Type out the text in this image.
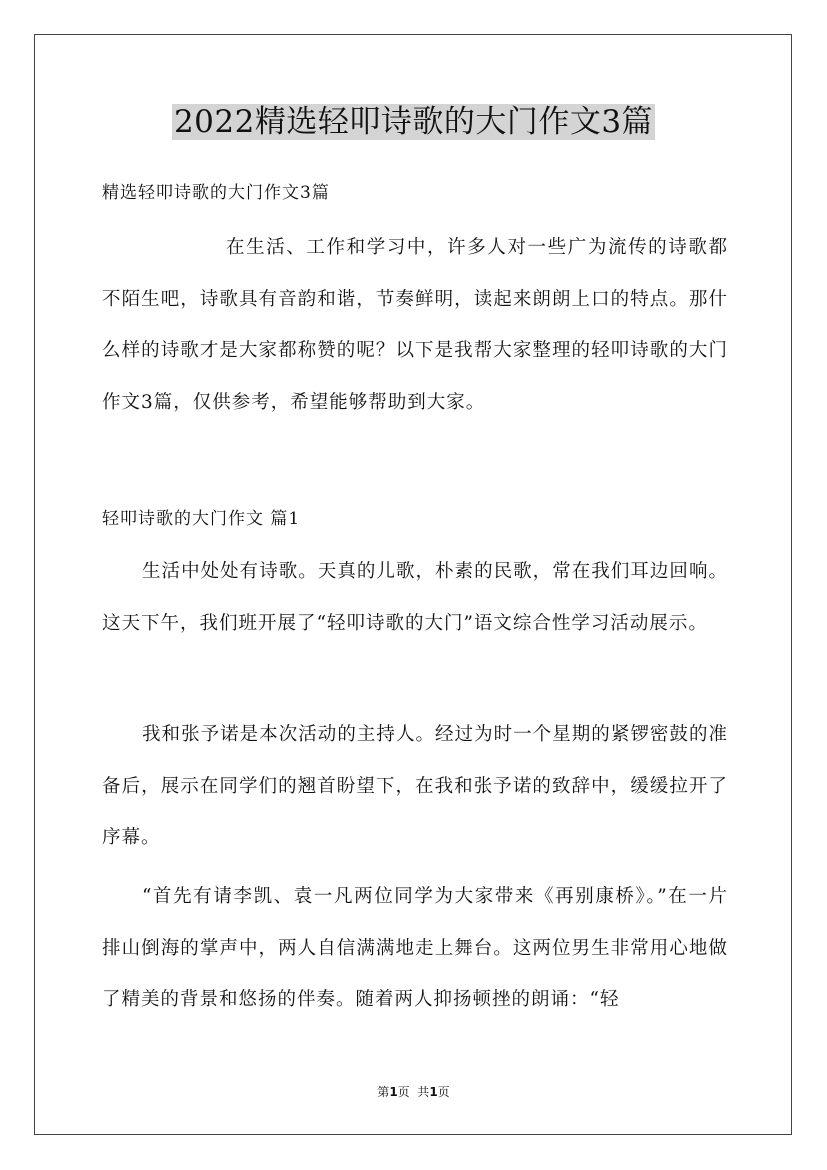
2022精选轻叩诗歌的大门作文3篇

精选轻叩诗歌的大门作文3篇

在生活、工作和学习中，许多人对一些广为流传的诗歌都不陌生吧，诗歌具有音韵和谐，节奏鲜明，读起来朗朗上口的特点。那什么样的诗歌才是大家都称赞的呢？以下是我帮大家整理的轻叩诗歌的大门作文3篇，仅供参考，希望能够帮助到大家。

轻叩诗歌的大门作文 篇1

生活中处处有诗歌。天真的儿歌，朴素的民歌，常在我们耳边回响。这天下午，我们班开展了“轻叩诗歌的大门”语文综合性学习活动展示。

我和张予诺是本次活动的主持人。经过为时一个星期的紧锣密鼓的准备后，展示在同学们的翘首盼望下，在我和张予诺的致辞中，缓缓拉开了序幕。

“首先有请李凯、袁一凡两位同学为大家带来《再别康桥》。”在一片排山倒海的掌声中，两人自信满满地走上舞台。这两位男生非常用心地做了精美的背景和悠扬的伴奏。随着两人抑扬顿挫的朗诵：“轻

第1页  共1页
